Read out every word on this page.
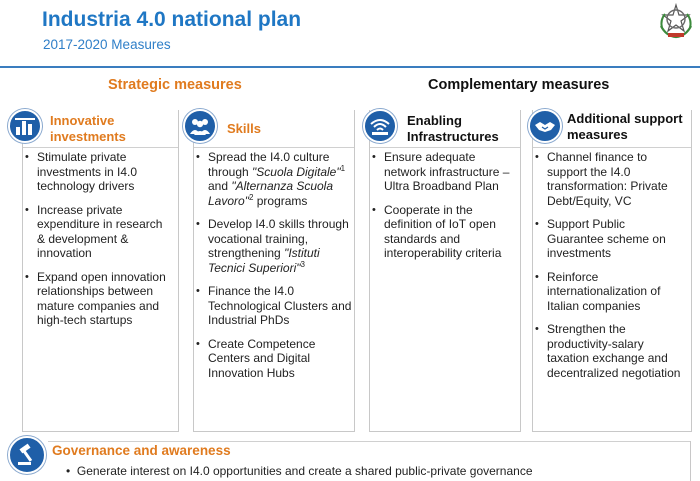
Industria 4.0 national plan
2017-2020 Measures
Strategic measures	Complementary measures
Innovative
investments
• Stimulate private investments in I4.0 technology drivers
• Increase private expenditure in research & development & innovation
• Expand open innovation relationships between mature companies and high-tech startups
Skills
• Spread the I4.0 culture through "Scuola Digitale"$^1$ and "Alternanza Scuola Lavoro"$^2$ programs
• Develop I4.0 skills through vocational training, strengthening "Istituti Tecnici Superiori"$^3$
• Finance the I4.0 Technological Clusters and Industrial PhDs
• Create Competence Centers and Digital Innovation Hubs
Enabling
Infrastructures
• Ensure adequate network infrastructure – Ultra Broadband Plan
• Cooperate in the definition of IoT open standards and interoperability criteria
Additional support
measures
• Channel finance to support the I4.0 transformation: Private Debt/Equity, VC
• Support Public Guarantee scheme on investments
• Reinforce internationalization of Italian companies
• Strengthen the productivity-salary taxation exchange and decentralized negotiation
Governance and awareness
•  Generate interest on I4.0 opportunities and create a shared public-private governance
